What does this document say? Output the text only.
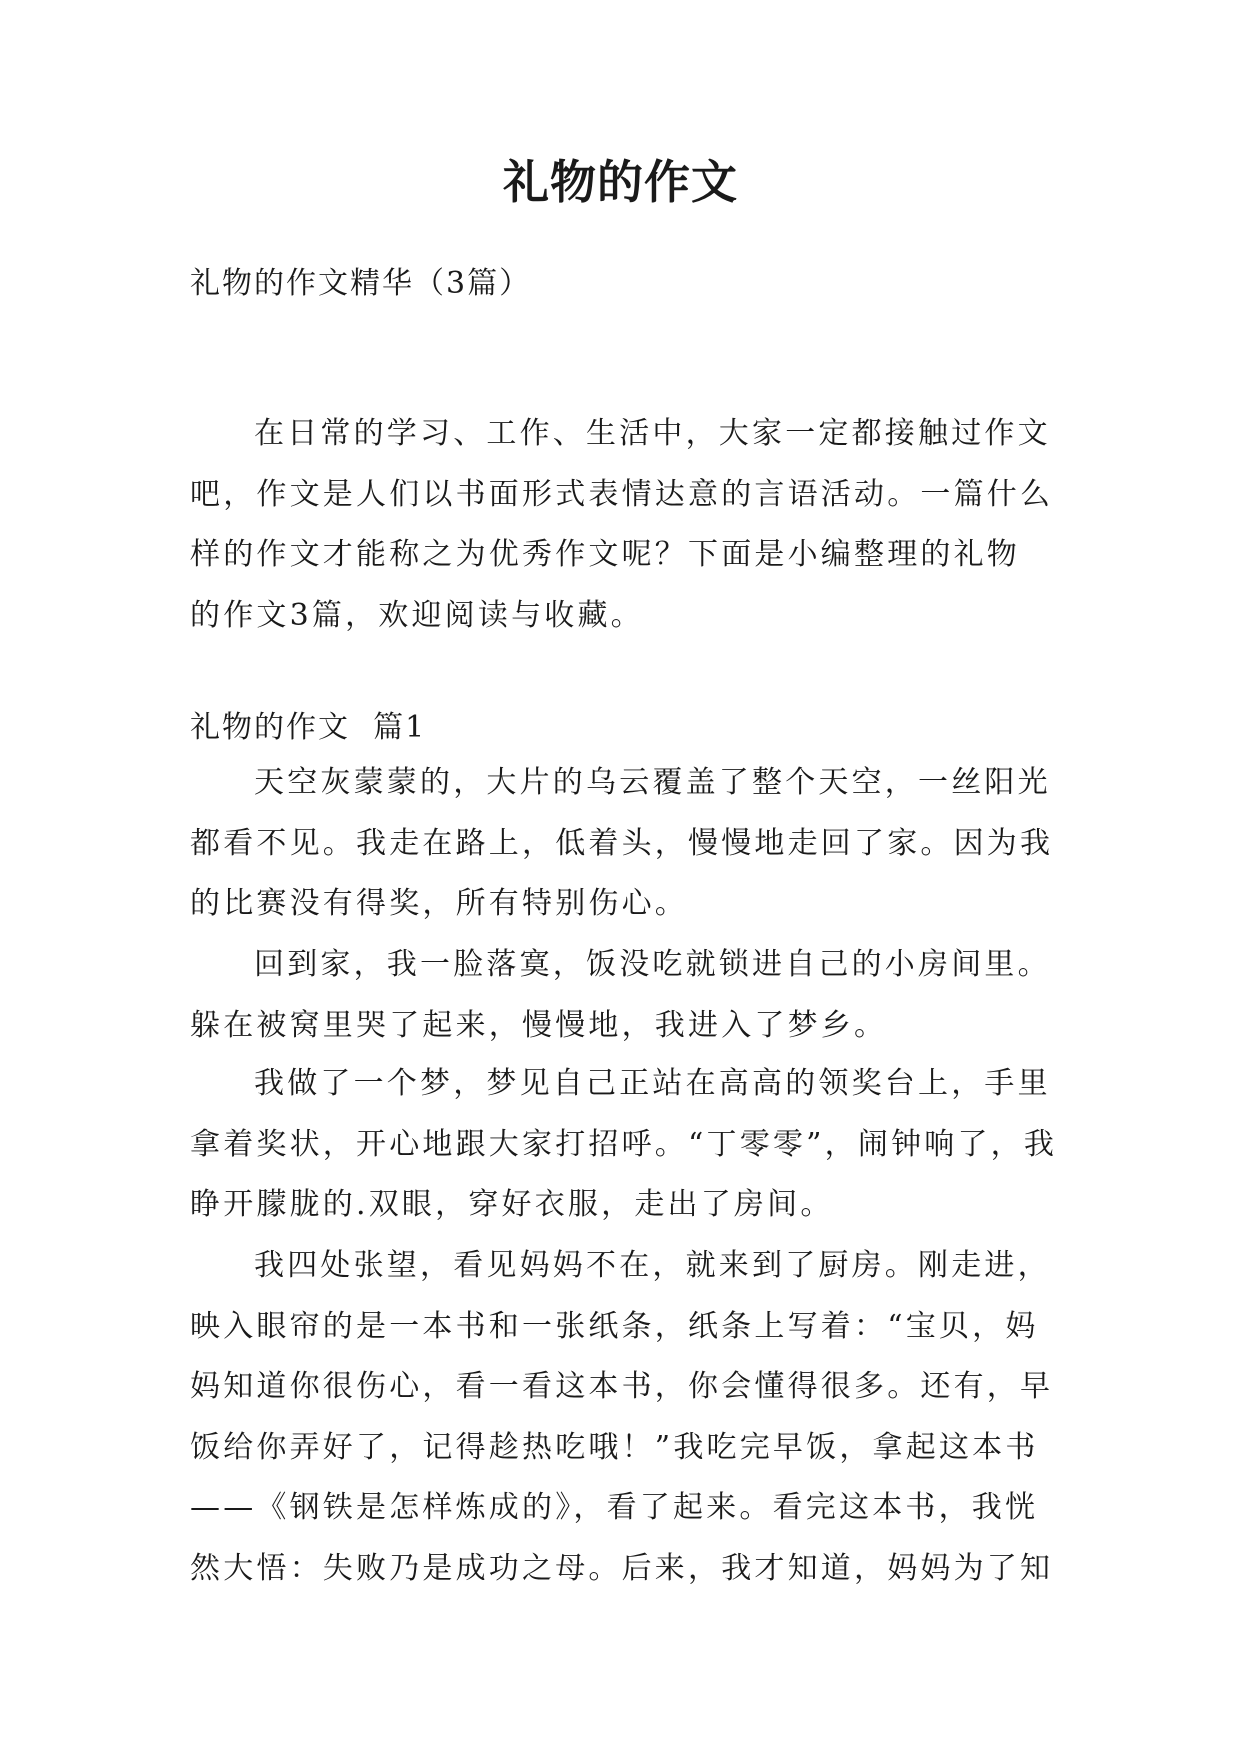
礼物的作文

礼物的作文精华（3篇）

在日常的学习、工作、生活中，大家一定都接触过作文
吧，作文是人们以书面形式表情达意的言语活动。一篇什么
样的作文才能称之为优秀作文呢？下面是小编整理的礼物
的作文3篇，欢迎阅读与收藏。

礼物的作文  篇1

天空灰蒙蒙的，大片的乌云覆盖了整个天空，一丝阳光
都看不见。我走在路上，低着头，慢慢地走回了家。因为我
的比赛没有得奖，所有特别伤心。
回到家，我一脸落寞，饭没吃就锁进自己的小房间里。
躲在被窝里哭了起来，慢慢地，我进入了梦乡。
我做了一个梦，梦见自己正站在高高的领奖台上，手里
拿着奖状，开心地跟大家打招呼。“丁零零”，闹钟响了，我
睁开朦胧的.双眼，穿好衣服，走出了房间。
我四处张望，看见妈妈不在，就来到了厨房。刚走进，
映入眼帘的是一本书和一张纸条，纸条上写着：“宝贝，妈
妈知道你很伤心，看一看这本书，你会懂得很多。还有，早
饭给你弄好了，记得趁热吃哦！”我吃完早饭，拿起这本书
——《钢铁是怎样炼成的》，看了起来。看完这本书，我恍
然大悟：失败乃是成功之母。后来，我才知道，妈妈为了知
